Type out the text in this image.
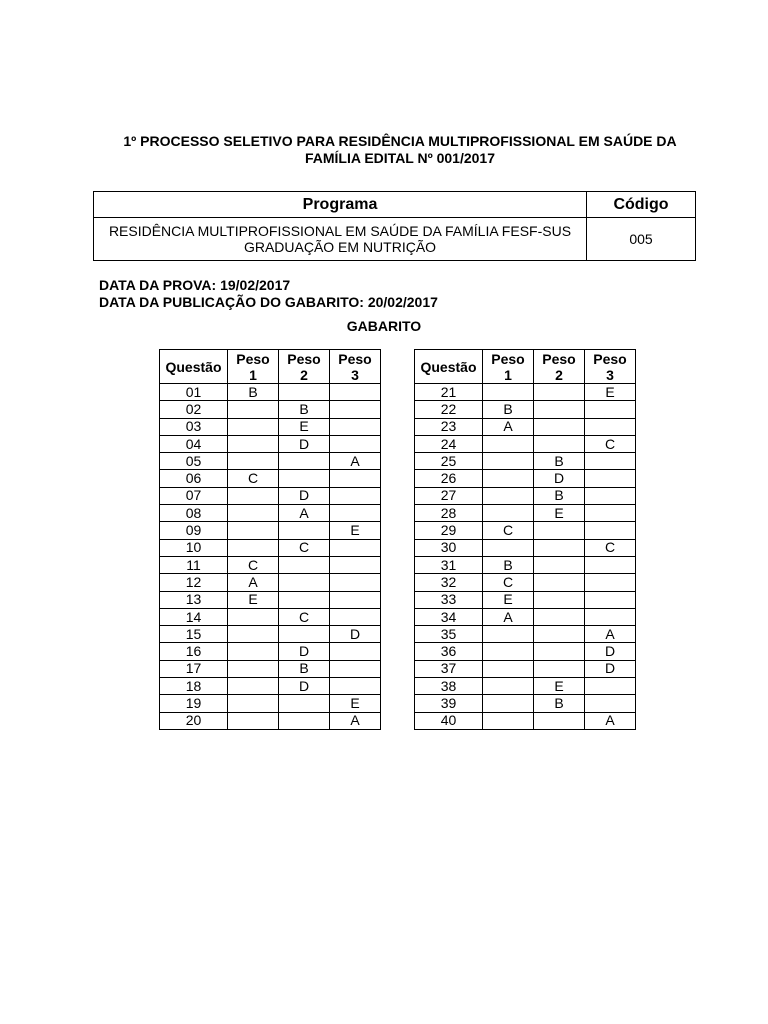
1º PROCESSO SELETIVO PARA RESIDÊNCIA MULTIPROFISSIONAL EM SAÚDE DA
FAMÍLIA EDITAL Nº 001/2017
Programa	Código

RESIDÊNCIA MULTIPROFISSIONAL EM SAÚDE DA FAMÍLIA FESF-SUS
GRADUAÇÃO EM NUTRIÇÃO	005
DATA DA PROVA: 19/02/2017
DATA DA PUBLICAÇÃO DO GABARITO: 20/02/2017
GABARITO
Questão	Peso
1	Peso
2	Peso
3
01	B		
02		B	
03		E	
04		D	
05			A
06	C		
07		D	
08		A	
09			E
10		C	
11	C		
12	A		
13	E		
14		C	
15			D
16		D	
17		B	
18		D	
19			E
20			A
Questão	Peso
1	Peso
2	Peso
3
21			E
22	B		
23	A		
24			C
25		B	
26		D	
27		B	
28		E	
29	C		
30			C
31	B		
32	C		
33	E		
34	A		
35			A
36			D
37			D
38		E	
39		B	
40			A
